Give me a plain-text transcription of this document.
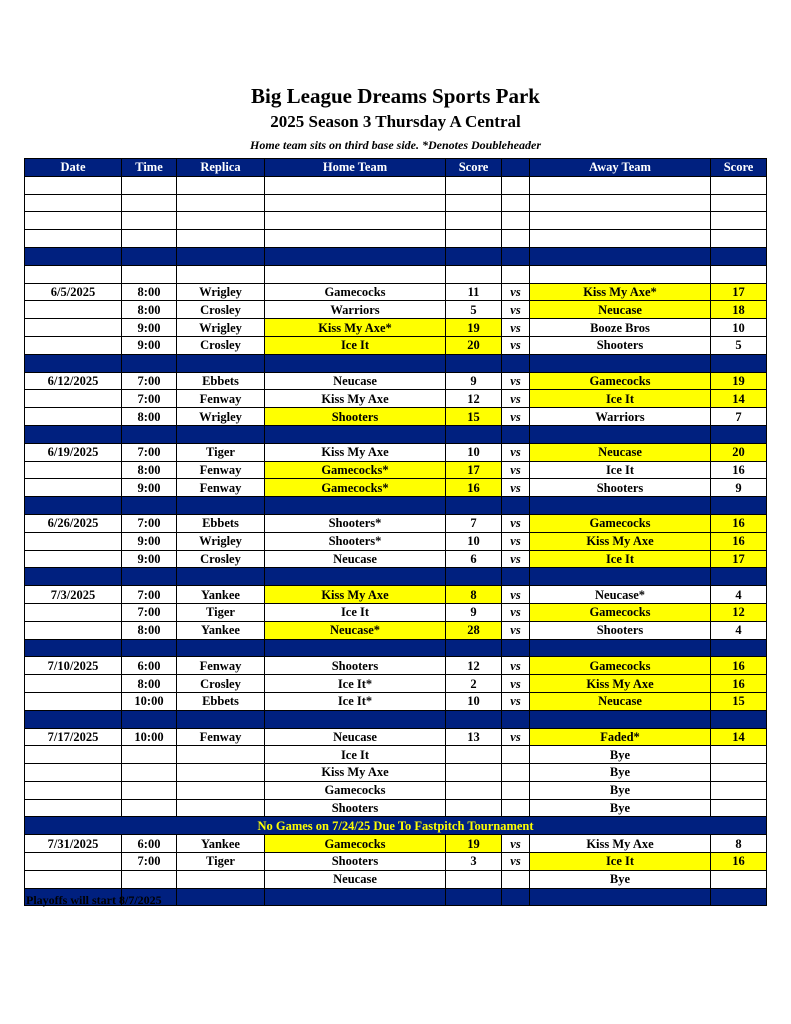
Big League Dreams Sports Park
2025 Season 3 Thursday A Central
Home team sits on third base side. *Denotes Doubleheader
Date	Time	Replica	Home Team	Score		Away Team	Score

6/5/2025	8:00	Wrigley	Gamecocks	11	vs	Kiss My Axe*	17
	8:00	Crosley	Warriors	5	vs	Neucase	18
	9:00	Wrigley	Kiss My Axe*	19	vs	Booze Bros	10
	9:00	Crosley	Ice It	20	vs	Shooters	5

6/12/2025	7:00	Ebbets	Neucase	9	vs	Gamecocks	19
	7:00	Fenway	Kiss My Axe	12	vs	Ice It	14
	8:00	Wrigley	Shooters	15	vs	Warriors	7

6/19/2025	7:00	Tiger	Kiss My Axe	10	vs	Neucase	20
	8:00	Fenway	Gamecocks*	17	vs	Ice It	16
	9:00	Fenway	Gamecocks*	16	vs	Shooters	9

6/26/2025	7:00	Ebbets	Shooters*	7	vs	Gamecocks	16
	9:00	Wrigley	Shooters*	10	vs	Kiss My Axe	16
	9:00	Crosley	Neucase	6	vs	Ice It	17

7/3/2025	7:00	Yankee	Kiss My Axe	8	vs	Neucase*	4
	7:00	Tiger	Ice It	9	vs	Gamecocks	12
	8:00	Yankee	Neucase*	28	vs	Shooters	4

7/10/2025	6:00	Fenway	Shooters	12	vs	Gamecocks	16
	8:00	Crosley	Ice It*	2	vs	Kiss My Axe	16
	10:00	Ebbets	Ice It*	10	vs	Neucase	15

7/17/2025	10:00	Fenway	Neucase	13	vs	Faded*	14
			Ice It			Bye	
			Kiss My Axe			Bye	
			Gamecocks			Bye	
			Shooters			Bye	
No Games on 7/24/25 Due To Fastpitch Tournament							
7/31/2025	6:00	Yankee	Gamecocks	19	vs	Kiss My Axe	8
	7:00	Tiger	Shooters	3	vs	Ice It	16
			Neucase			Bye	

Playoffs will start 8/7/2025
